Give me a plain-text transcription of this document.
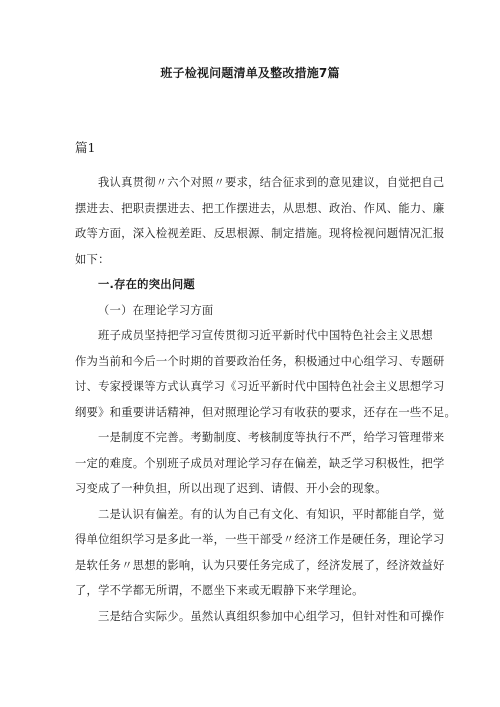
班子检视问题清单及整改措施7篇
篇1
我认真贯彻〃六个对照〃要求，结合征求到的意见建议，自觉把自己
摆进去、把职责摆进去、把工作摆进去，从思想、政治、作风、能力、廉
政等方面，深入检视差距、反思根源、制定措施。现将检视问题情况汇报
如下：
一.存在的突出问题
（一）在理论学习方面
班子成员坚持把学习宣传贯彻习近平新时代中国特色社会主义思想
作为当前和今后一个时期的首要政治任务，积极通过中心组学习、专题研
讨、专家授课等方式认真学习《习近平新时代中国特色社会主义思想学习
纲要》和重要讲话精神，但对照理论学习有收获的要求，还存在一些不足。
一是制度不完善。考勤制度、考核制度等执行不严，给学习管理带来
一定的难度。个别班子成员对理论学习存在偏差，缺乏学习积极性，把学
习变成了一种负担，所以出现了迟到、请假、开小会的现象。
二是认识有偏差。有的认为自己有文化、有知识，平时都能自学，觉
得单位组织学习是多此一举，一些干部受〃经济工作是硬任务，理论学习
是软任务〃思想的影响，认为只要任务完成了，经济发展了，经济效益好
了，学不学都无所谓，不愿坐下来或无暇静下来学理论。
三是结合实际少。虽然认真组织参加中心组学习，但针对性和可操作
